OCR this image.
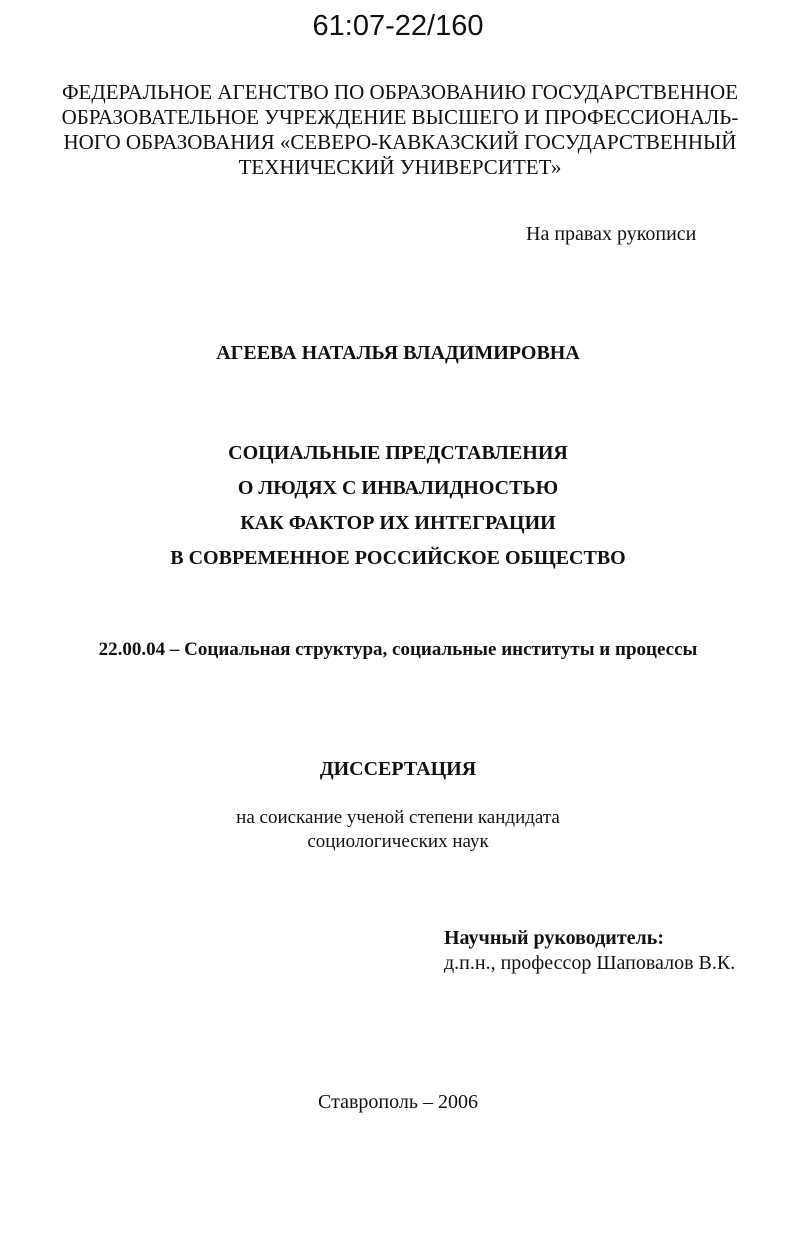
61:07-22/160
ФЕДЕРАЛЬНОЕ АГЕНСТВО ПО ОБРАЗОВАНИЮ ГОСУДАРСТВЕННОЕ
ОБРАЗОВАТЕЛЬНОЕ УЧРЕЖДЕНИЕ ВЫСШЕГО И ПРОФЕССИОНАЛЬ-
НОГО ОБРАЗОВАНИЯ «СЕВЕРО-КАВКАЗСКИЙ ГОСУДАРСТВЕННЫЙ
ТЕХНИЧЕСКИЙ УНИВЕРСИТЕТ»
На правах рукописи
АГЕЕВА НАТАЛЬЯ ВЛАДИМИРОВНА
СОЦИАЛЬНЫЕ ПРЕДСТАВЛЕНИЯ
О ЛЮДЯХ С ИНВАЛИДНОСТЬЮ
КАК ФАКТОР ИХ ИНТЕГРАЦИИ
В СОВРЕМЕННОЕ РОССИЙСКОЕ ОБЩЕСТВО
22.00.04 – Социальная структура, социальные институты и процессы
ДИССЕРТАЦИЯ
на соискание ученой степени кандидата
социологических наук
Научный руководитель:
д.п.н., профессор Шаповалов В.К.
Ставрополь – 2006
